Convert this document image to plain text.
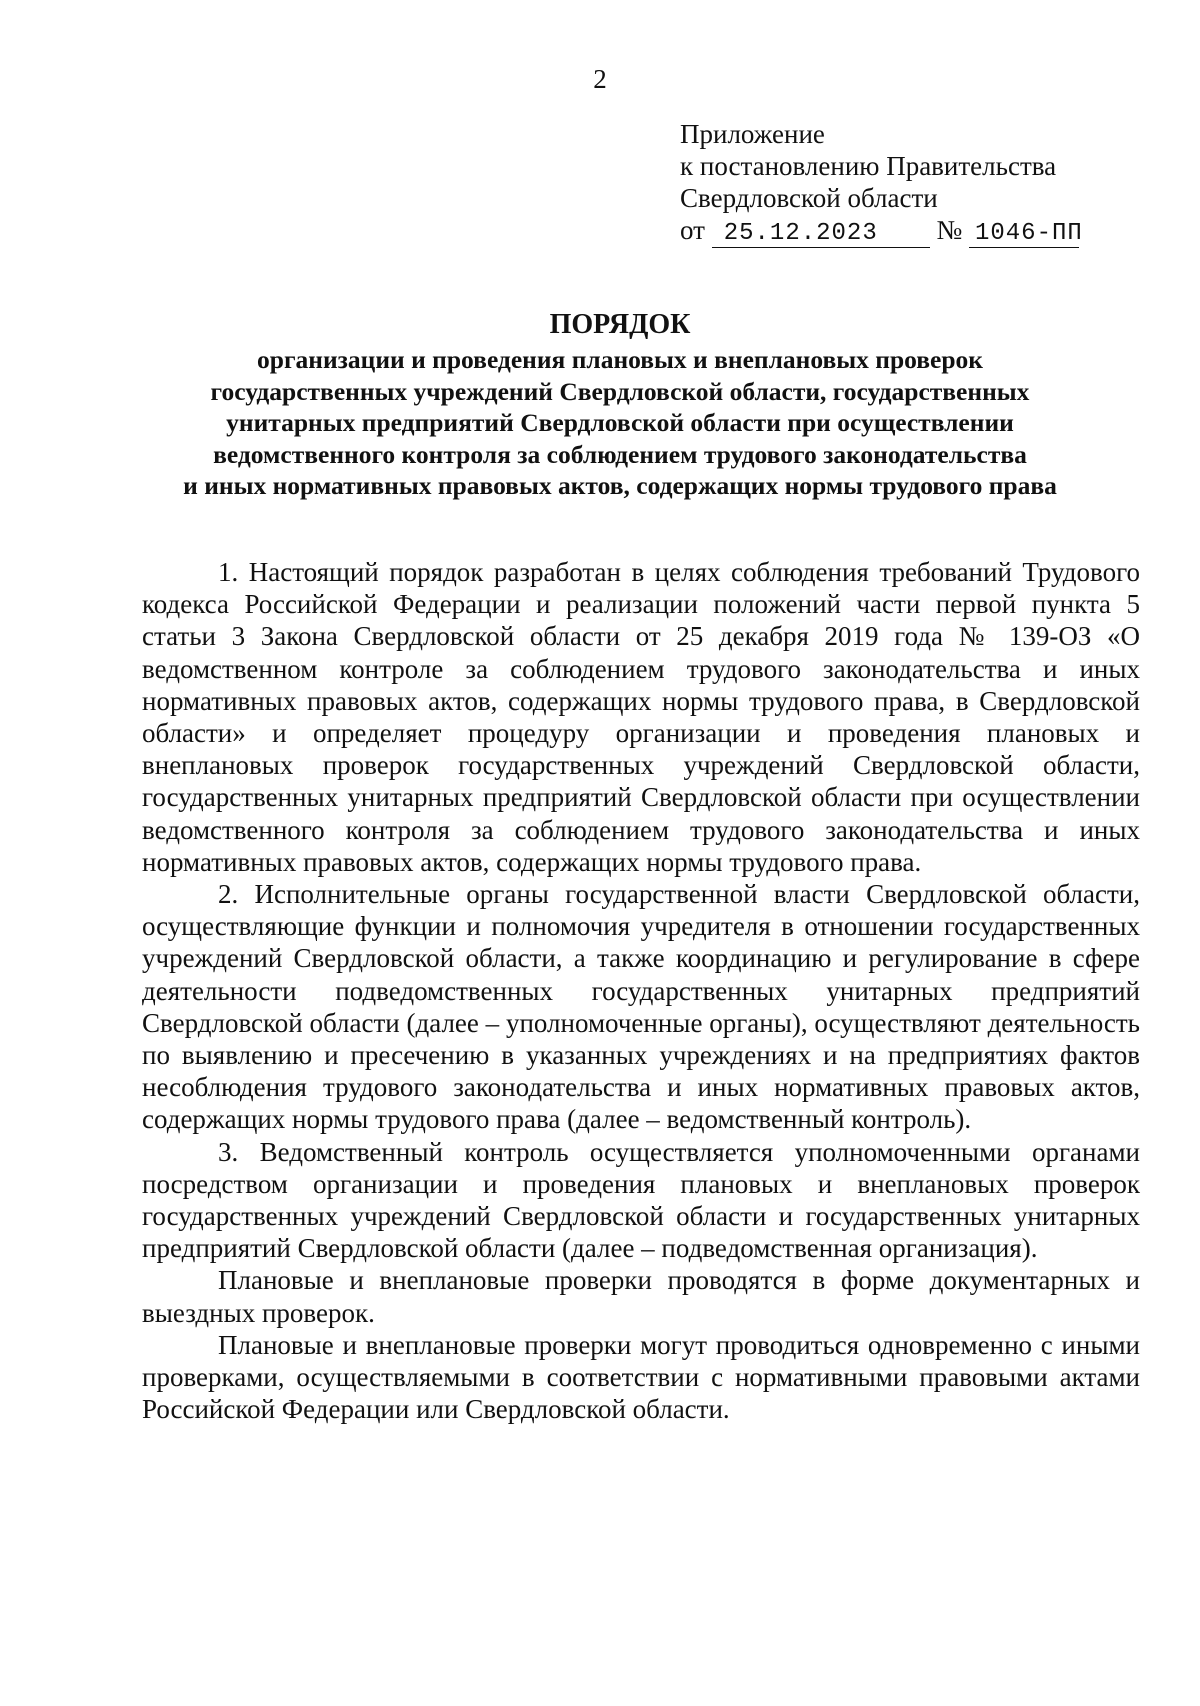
2
Приложение
к постановлению Правительства
Свердловской области
от 25.12.2023 № 1046-ПП
ПОРЯДОК
организации и проведения плановых и внеплановых проверок
государственных учреждений Свердловской области, государственных
унитарных предприятий Свердловской области при осуществлении
ведомственного контроля за соблюдением трудового законодательства
и иных нормативных правовых актов, содержащих нормы трудового права

1. Настоящий порядок разработан в целях соблюдения требований Трудового кодекса Российской Федерации и реализации положений части первой пункта 5 статьи 3 Закона Свердловской области от 25 декабря 2019 года № 139-ОЗ «О ведомственном контроле за соблюдением трудового законодательства и иных нормативных правовых актов, содержащих нормы трудового права, в Свердловской области» и определяет процедуру организации и проведения плановых и внеплановых проверок государственных учреждений Свердловской области, государственных унитарных предприятий Свердловской области при осуществлении ведомственного контроля за соблюдением трудового законодательства и иных нормативных правовых актов, содержащих нормы трудового права.

2. Исполнительные органы государственной власти Свердловской области, осуществляющие функции и полномочия учредителя в отношении государственных учреждений Свердловской области, а также координацию и регулирование в сфере деятельности подведомственных государственных унитарных предприятий Свердловской области (далее – уполномоченные органы), осуществляют деятельность по выявлению и пресечению в указанных учреждениях и на предприятиях фактов несоблюдения трудового законодательства и иных нормативных правовых актов, содержащих нормы трудового права (далее – ведомственный контроль).

3. Ведомственный контроль осуществляется уполномоченными органами посредством организации и проведения плановых и внеплановых проверок государственных учреждений Свердловской области и государственных унитарных предприятий Свердловской области (далее – подведомственная организация).

Плановые и внеплановые проверки проводятся в форме документарных и выездных проверок.

Плановые и внеплановые проверки могут проводиться одновременно с иными проверками, осуществляемыми в соответствии с нормативными правовыми актами Российской Федерации или Свердловской области.
